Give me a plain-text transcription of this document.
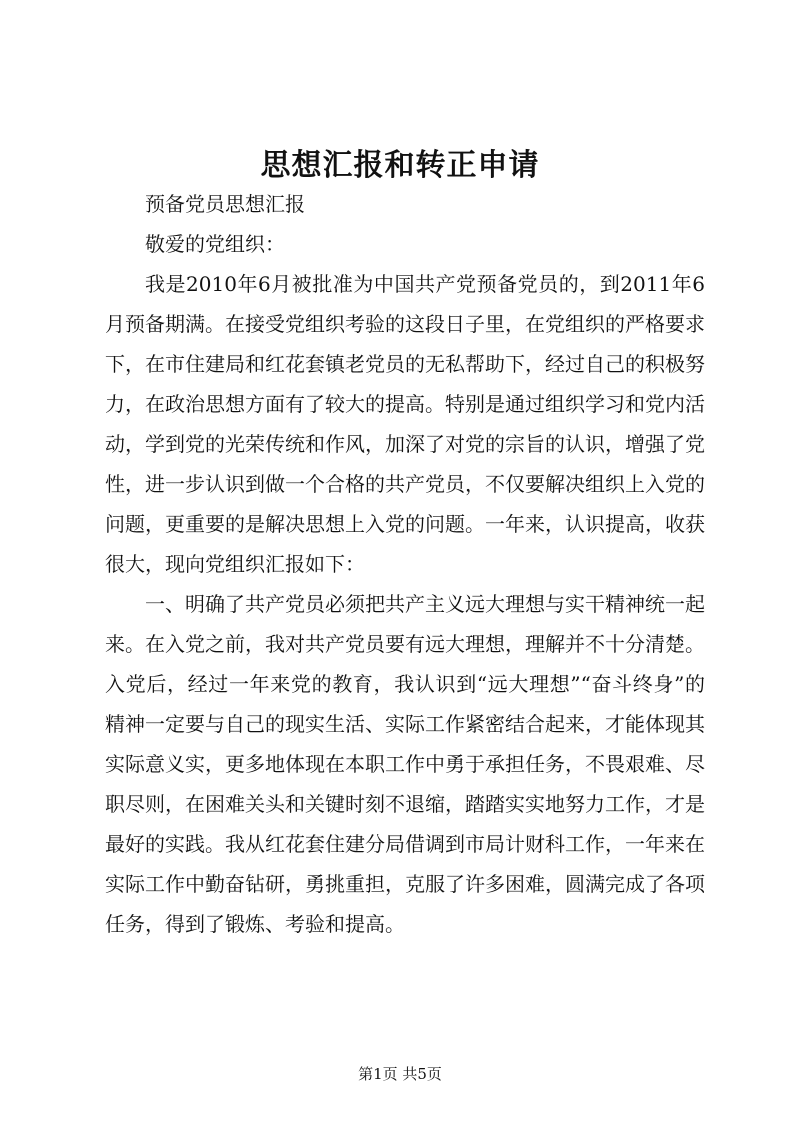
思想汇报和转正申请

预备党员思想汇报

敬爱的党组织：

我是2010年6月被批准为中国共产党预备党员的，到2011年6月预备期满。在接受党组织考验的这段日子里，在党组织的严格要求下，在市住建局和红花套镇老党员的无私帮助下，经过自己的积极努力，在政治思想方面有了较大的提高。特别是通过组织学习和党内活动，学到党的光荣传统和作风，加深了对党的宗旨的认识，增强了党性，进一步认识到做一个合格的共产党员，不仅要解决组织上入党的问题，更重要的是解决思想上入党的问题。一年来，认识提高，收获很大，现向党组织汇报如下：

一、明确了共产党员必须把共产主义远大理想与实干精神统一起来。在入党之前，我对共产党员要有远大理想，理解并不十分清楚。入党后，经过一年来党的教育，我认识到“远大理想”“奋斗终身”的精神一定要与自己的现实生活、实际工作紧密结合起来，才能体现其实际意义实，更多地体现在本职工作中勇于承担任务，不畏艰难、尽职尽则，在困难关头和关键时刻不退缩，踏踏实实地努力工作，才是最好的实践。我从红花套住建分局借调到市局计财科工作，一年来在实际工作中勤奋钻研，勇挑重担，克服了许多困难，圆满完成了各项任务，得到了锻炼、考验和提高。

第1页 共5页
